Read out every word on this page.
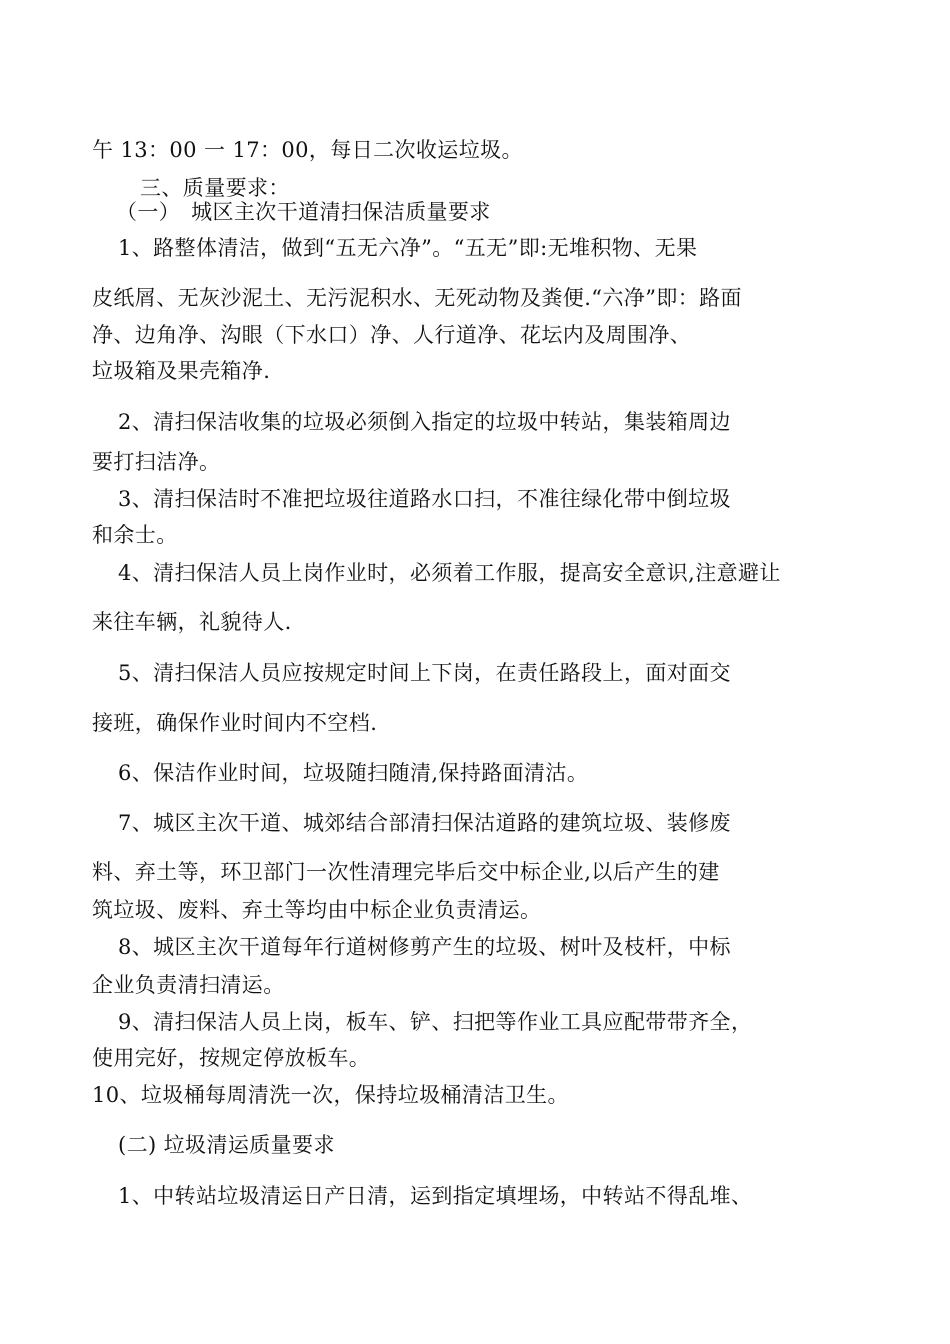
午 13：00 一 17：00，每日二次收运垃圾。
三、质量要求：
（一）　城区主次干道清扫保洁质量要求
1、路整体清洁，做到“五无六净”。“五无”即:无堆积物、无果
皮纸屑、无灰沙泥土、无污泥积水、无死动物及粪便.“六净”即：路面
净、边角净、沟眼（下水口）净、人行道净、花坛内及周围净、
垃圾箱及果壳箱净.
2、清扫保洁收集的垃圾必须倒入指定的垃圾中转站，集装箱周边
要打扫洁净。
3、清扫保洁时不准把垃圾往道路水口扫，不准往绿化带中倒垃圾
和余士。
4、清扫保洁人员上岗作业时，必须着工作服，提高安全意识,注意避让
来往车辆，礼貌待人.
5、清扫保洁人员应按规定时间上下岗，在责任路段上，面对面交
接班，确保作业时间内不空档.
6、保洁作业时间，垃圾随扫随清,保持路面清沽。
7、城区主次干道、城郊结合部清扫保沽道路的建筑垃圾、装修废
料、弃土等，环卫部门一次性清理完毕后交中标企业,以后产生的建
筑垃圾、废料、弃土等均由中标企业负责清运。
8、城区主次干道每年行道树修剪产生的垃圾、树叶及枝杆，中标
企业负责清扫清运。
9、清扫保洁人员上岗，板车、铲、扫把等作业工具应配带带齐全，
使用完好，按规定停放板车。
10、垃圾桶每周清洗一次，保持垃圾桶清洁卫生。
(二) 垃圾清运质量要求
1、中转站垃圾清运日产日清，运到指定填埋场，中转站不得乱堆、
